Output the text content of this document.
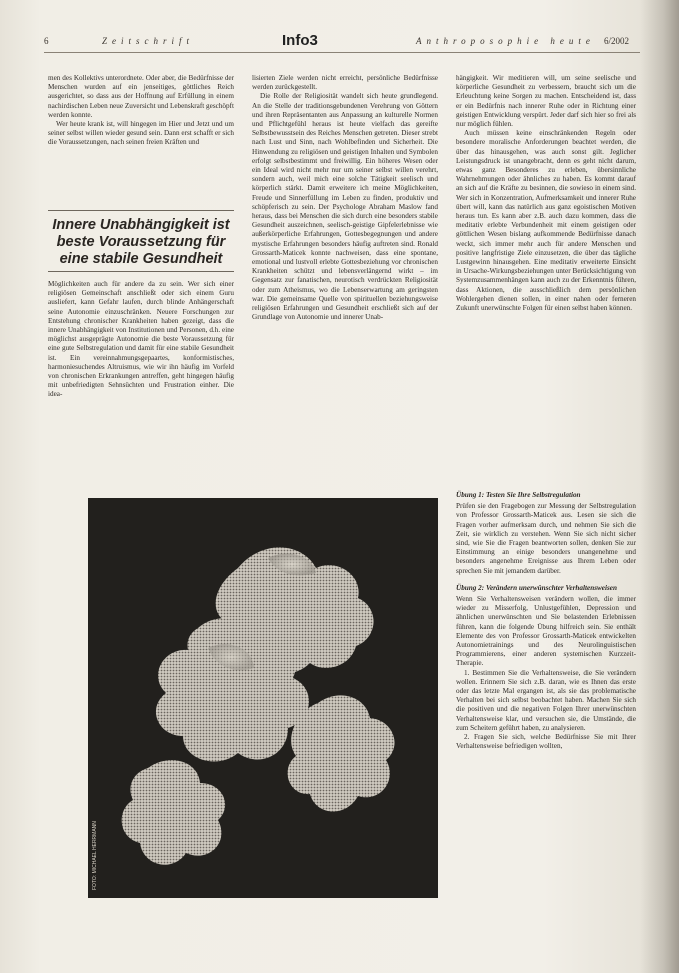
6	Zeitschrift	Info3	Anthroposophie heute 6/2002

men des Kollektivs unterordnete. Oder aber, die Bedürfnisse der Menschen wurden auf ein jenseitiges, göttliches Reich ausgerichtet, so dass aus der Hoffnung auf Erfüllung in einem nachirdischen Leben neue Zuversicht und Lebenskraft geschöpft werden konnte.

Wer heute krank ist, will hingegen im Hier und Jetzt und um seiner selbst willen wieder gesund sein. Dann erst schafft er sich die Voraussetzungen, nach seinen freien Kräften und

Innere Unabhängigkeit ist beste Voraussetzung für eine stabile Gesundheit

Möglichkeiten auch für andere da zu sein. Wer sich einer religiösen Gemeinschaft anschließt oder sich einem Guru ausliefert, kann Gefahr laufen, durch blinde Anhängerschaft seine Autonomie einzuschränken. Neuere Forschungen zur Entstehung chronischer Krankheiten haben gezeigt, dass die innere Unabhängigkeit von Institutionen und Personen, d.h. eine möglichst ausgeprägte Autonomie die beste Voraussetzung für eine gute Selbstregulation und damit für eine stabile Gesundheit ist. Ein vereinnahmungsgepaartes, konformistisches, harmoniesuchendes Altruismus, wie wir ihn häufig im Vorfeld von chronischen Erkrankungen antreffen, geht hingegen häufig mit unbefriedigten Sehnsüchten und Frustration einher. Die idea-

lisierten Ziele werden nicht erreicht, persönliche Bedürfnisse werden zurückgestellt.

Die Rolle der Religiosität wandelt sich heute grundlegend. An die Stelle der traditionsgebundenen Verehrung von Göttern und ihren Repräsentanten aus Anpassung an kulturelle Normen und Pflichtgefühl heraus ist heute vielfach das gereifte Selbstbewusstsein des Reiches Menschen getreten. Dieser strebt nach Lust und Sinn, nach Wohlbefinden und Sicherheit. Die Hinwendung zu religiösen und geistigen Inhalten und Symbolen erfolgt selbstbestimmt und freiwillig. Ein höheres Wesen oder ein Ideal wird nicht mehr nur um seiner selbst willen verehrt, sondern auch, weil mich eine solche Tätigkeit seelisch und körperlich stärkt. Damit erweitere ich meine Möglichkeiten, Freude und Sinnerfüllung im Leben zu finden, produktiv und schöpferisch zu sein. Der Psychologe Abraham Maslow fand heraus, dass bei Menschen die sich durch eine besonders stabile Gesundheit auszeichnen, seelisch-geistige Gipfelerlebnisse wie außerkörperliche Erfahrungen, Gottesbegegnungen und andere mystische Erfahrungen besonders häufig auftreten sind. Ronald Grossarth-Maticek konnte nachweisen, dass eine spontane, emotional und lustvoll erlebte Gottesbeziehung vor chronischen Krankheiten schützt und lebensverlängernd wirkt – im Gegensatz zur fanatischen, neurotisch verdrückten Religiosität oder zum Atheismus, wo die Lebenserwartung am geringsten war. Die gemeinsame Quelle von spirituellen beziehungsweise religiösen Erfahrungen und Gesundheit erschließt sich auf der Grundlage von Autonomie und innerer Unab-

hängigkeit. Wir meditieren will, um seine seelische und körperliche Gesundheit zu verbessern, braucht sich um die Erleuchtung keine Sorgen zu machen. Entscheidend ist, dass er ein Bedürfnis nach innerer Ruhe oder in Richtung einer geistigen Entwicklung verspürt. Jeder darf sich hier so frei als nur möglich fühlen.

Auch müssen keine einschränkenden Regeln oder besondere moralische Anforderungen beachtet werden, die über das hinausgehen, was auch sonst gilt. Jeglicher Leistungsdruck ist unangebracht, denn es geht nicht darum, etwas ganz Besonderes zu erleben, übersinnliche Wahrnehmungen oder ähnliches zu haben. Es kommt darauf an sich auf die Kräfte zu besinnen, die sowieso in einem sind. Wer sich in Konzentration, Aufmerksamkeit und innerer Ruhe übert will, kann das natürlich aus ganz egoistischen Motiven heraus tun. Es kann aber z.B. auch dazu kommen, dass die meditativ erlebte Verbundenheit mit einem geistigen oder göttlichen Wesen bislang aufkommende Bedürfnisse danach weckt, sich immer mehr auch für andere Menschen und positive langfristige Ziele einzusetzen, die über das tägliche Lustgewinn hinausgehen. Eine meditativ erweiterte Einsicht in Ursache-Wirkungsbeziehungen unter Berücksichtigung von Systemzusammenhängen kann auch zu der Erkenntnis führen, dass Aktionen, die ausschließlich dem persönlichen Wohlergehen dienen sollen, in einer nahen oder ferneren Zukunft unerwünschte Folgen für einen selbst haben können.

Übung 1: Testen Sie Ihre Selbstregulation

Prüfen sie den Fragebogen zur Messung der Selbstregulation von Professor Grossarth-Maticek aus. Lesen sie sich die Fragen vorher aufmerksam durch, und nehmen Sie sich die Zeit, sie wirklich zu verstehen. Wenn Sie sich nicht sicher sind, wie Sie die Fragen beantworten sollen, denken Sie zur Einstimmung an einige besonders unangenehme und besonders angenehme Ereignisse aus Ihrem Leben oder sprechen Sie mit jemandem darüber.

Übung 2: Verändern unerwünschter Verhaltensweisen

Wenn Sie Verhaltensweisen verändern wollen, die immer wieder zu Misserfolg, Unlustgefühlen, Depression und ähnlichen unerwünschten und Sie belastenden Erlebnissen führen, kann die folgende Übung hilfreich sein. Sie enthält Elemente des von Professor Grossarth-Maticek entwickelten Autonomietrainings und des Neurolinguistischen Programmierens, einer anderen systemischen Kurzzeit-Therapie.

1. Bestimmen Sie die Verhaltensweise, die Sie verändern wollen. Erinnern Sie sich z.B. daran, wie es Ihnen das erste oder das letzte Mal ergangen ist, als sie das problematische Verhalten bei sich selbst beobachtet haben. Machen Sie sich die positiven und die negativen Folgen Ihrer unerwünschten Verhaltensweise klar, und versuchen sie, die Umstände, die zum Scheitern geführt haben, zu analysieren.

2. Fragen Sie sich, welche Bedürfnisse Sie mit Ihrer Verhaltensweise befriedigen wollten,
